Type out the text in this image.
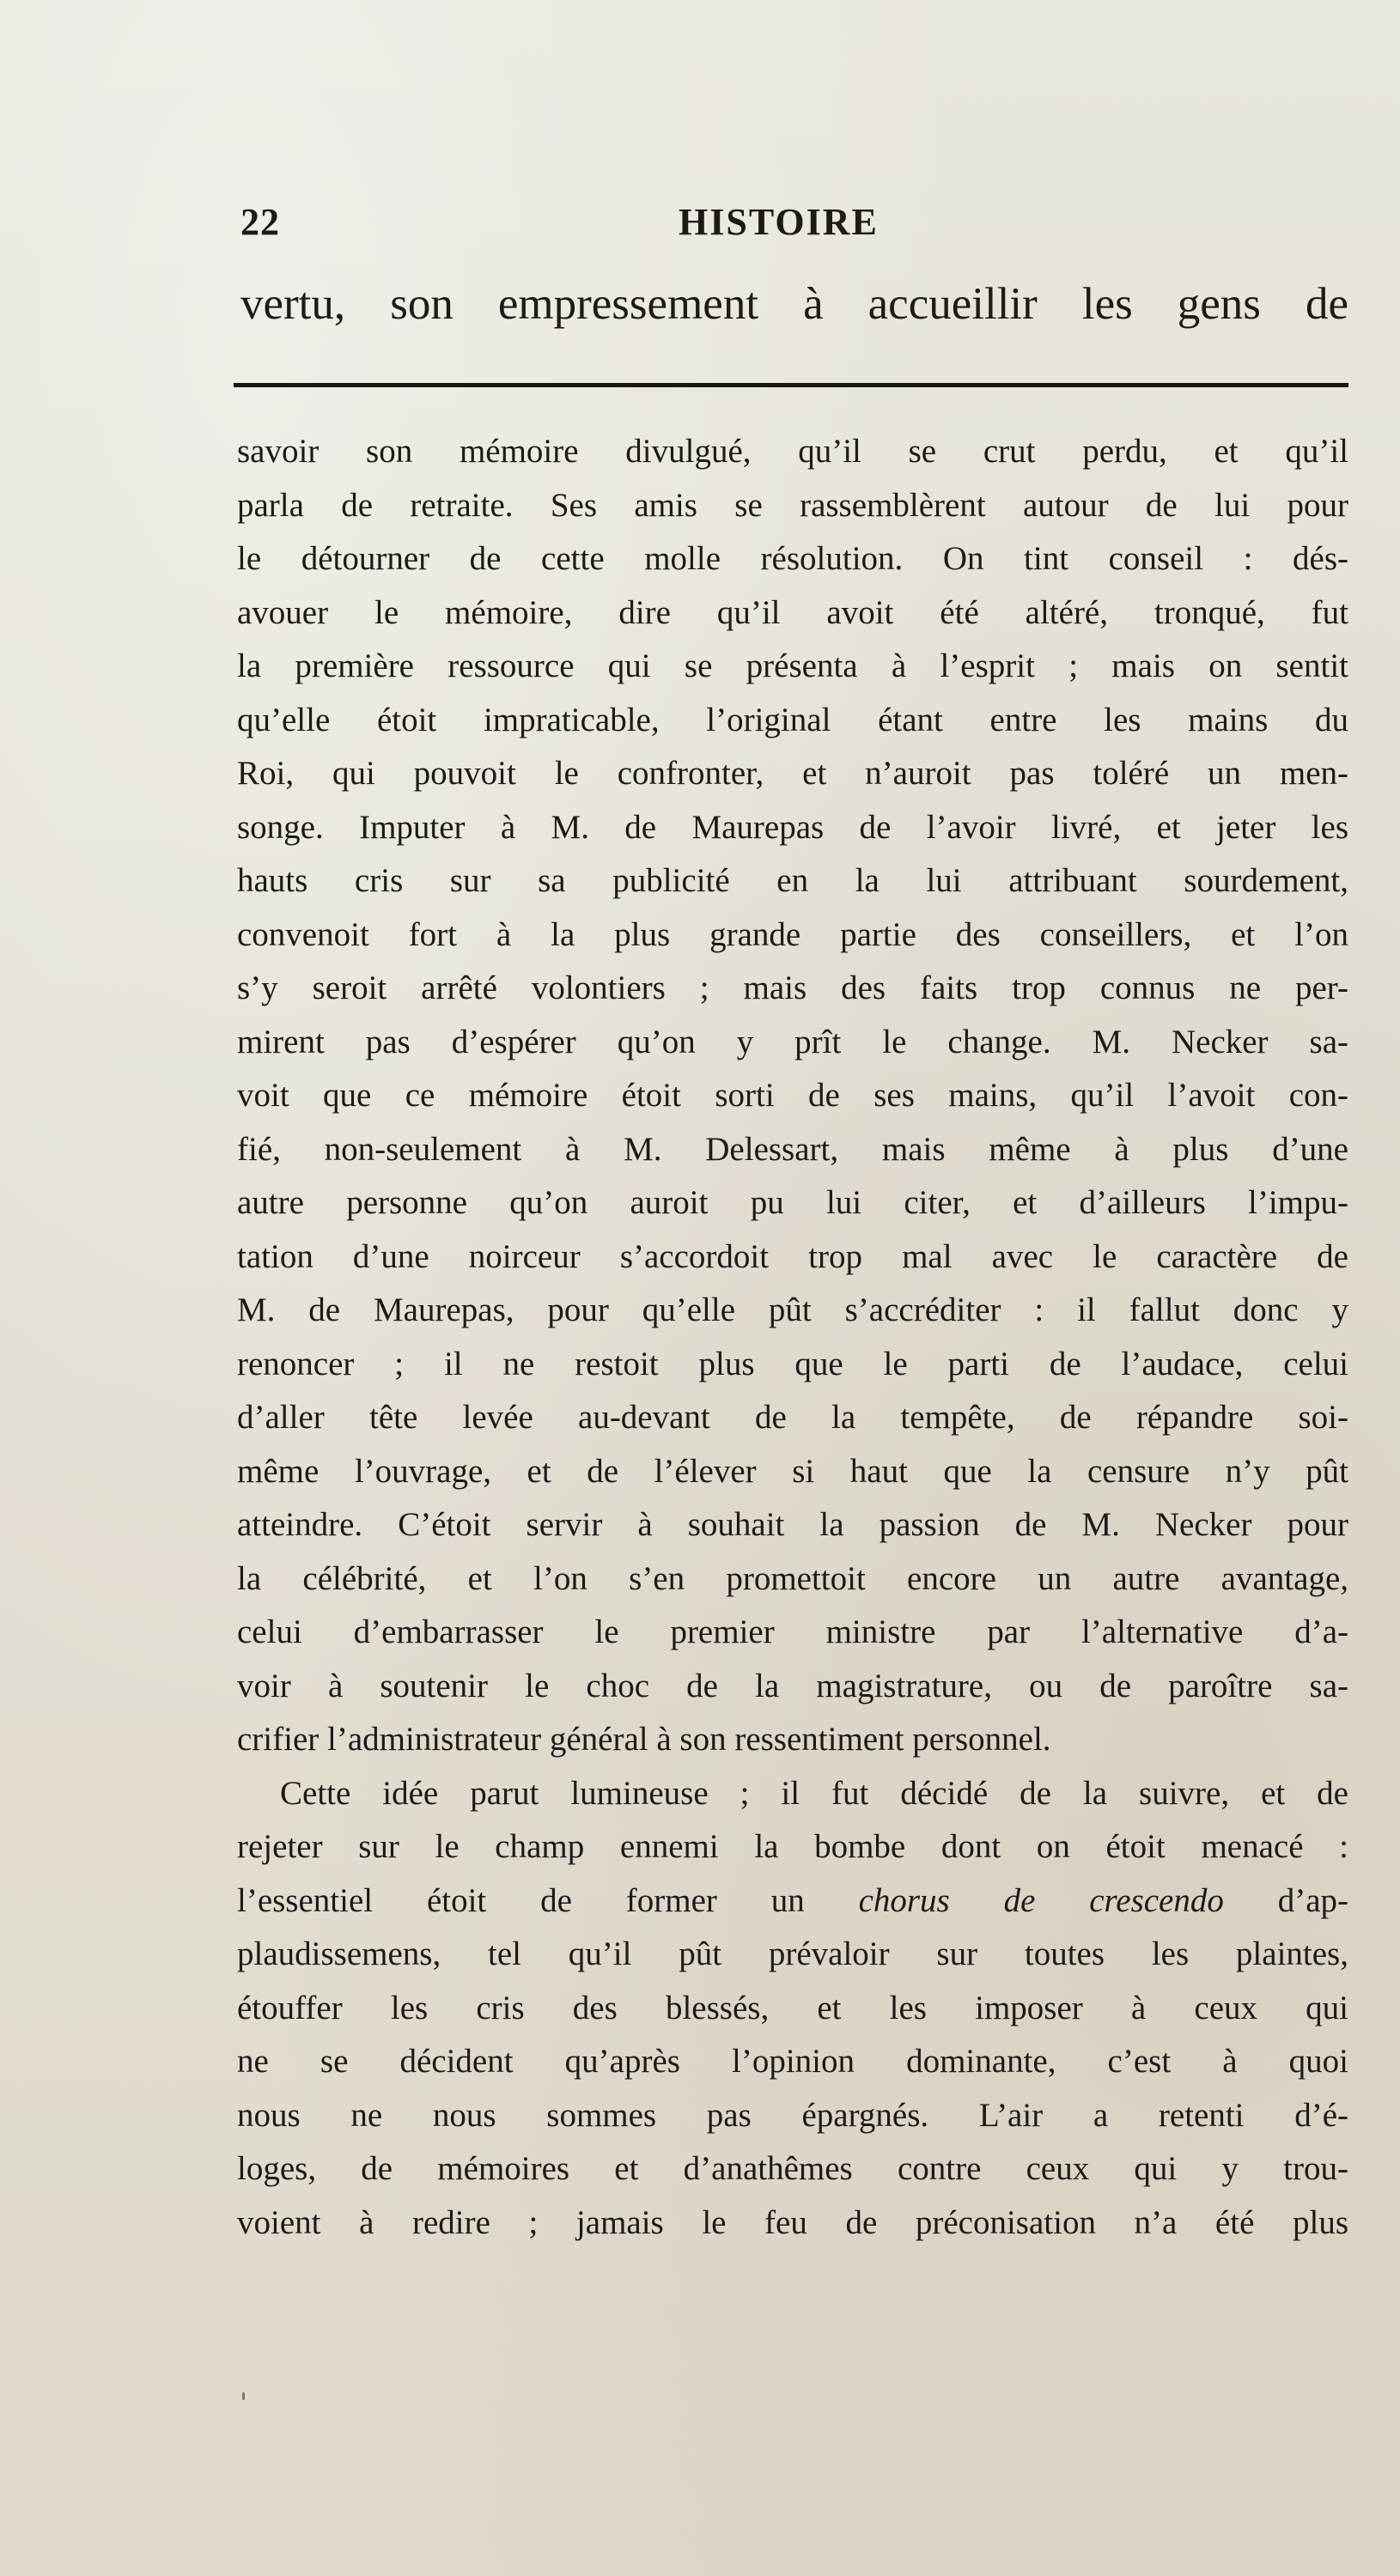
22	HISTOIRE
vertu, son empressement à accueillir les gens de
savoir son mémoire divulgué, qu’il se crut perdu, et qu’il
parla de retraite. Ses amis se rassemblèrent autour de lui pour
le détourner de cette molle résolution. On tint conseil : dés-
avouer le mémoire, dire qu’il avoit été altéré, tronqué, fut
la première ressource qui se présenta à l’esprit ; mais on sentit
qu’elle étoit impraticable, l’original étant entre les mains du
Roi, qui pouvoit le confronter, et n’auroit pas toléré un men-
songe. Imputer à M. de Maurepas de l’avoir livré, et jeter les
hauts cris sur sa publicité en la lui attribuant sourdement,
convenoit fort à la plus grande partie des conseillers, et l’on
s’y seroit arrêté volontiers ; mais des faits trop connus ne per-
mirent pas d’espérer qu’on y prît le change. M. Necker sa-
voit que ce mémoire étoit sorti de ses mains, qu’il l’avoit con-
fié, non-seulement à M. Delessart, mais même à plus d’une
autre personne qu’on auroit pu lui citer, et d’ailleurs l’impu-
tation d’une noirceur s’accordoit trop mal avec le caractère de
M. de Maurepas, pour qu’elle pût s’accréditer : il fallut donc y
renoncer ; il ne restoit plus que le parti de l’audace, celui
d’aller tête levée au-devant de la tempête, de répandre soi-
même l’ouvrage, et de l’élever si haut que la censure n’y pût
atteindre. C’étoit servir à souhait la passion de M. Necker pour
la célébrité, et l’on s’en promettoit encore un autre avantage,
celui d’embarrasser le premier ministre par l’alternative d’a-
voir à soutenir le choc de la magistrature, ou de paroître sa-
crifier l’administrateur général à son ressentiment personnel.
Cette idée parut lumineuse ; il fut décidé de la suivre, et de
rejeter sur le champ ennemi la bombe dont on étoit menacé :
l’essentiel étoit de former un chorus de crescendo d’ap-
plaudissemens, tel qu’il pût prévaloir sur toutes les plaintes,
étouffer les cris des blessés, et les imposer à ceux qui
ne se décident qu’après l’opinion dominante, c’est à quoi
nous ne nous sommes pas épargnés. L’air a retenti d’é-
loges, de mémoires et d’anathêmes contre ceux qui y trou-
voient à redire ; jamais le feu de préconisation n’a été plus
